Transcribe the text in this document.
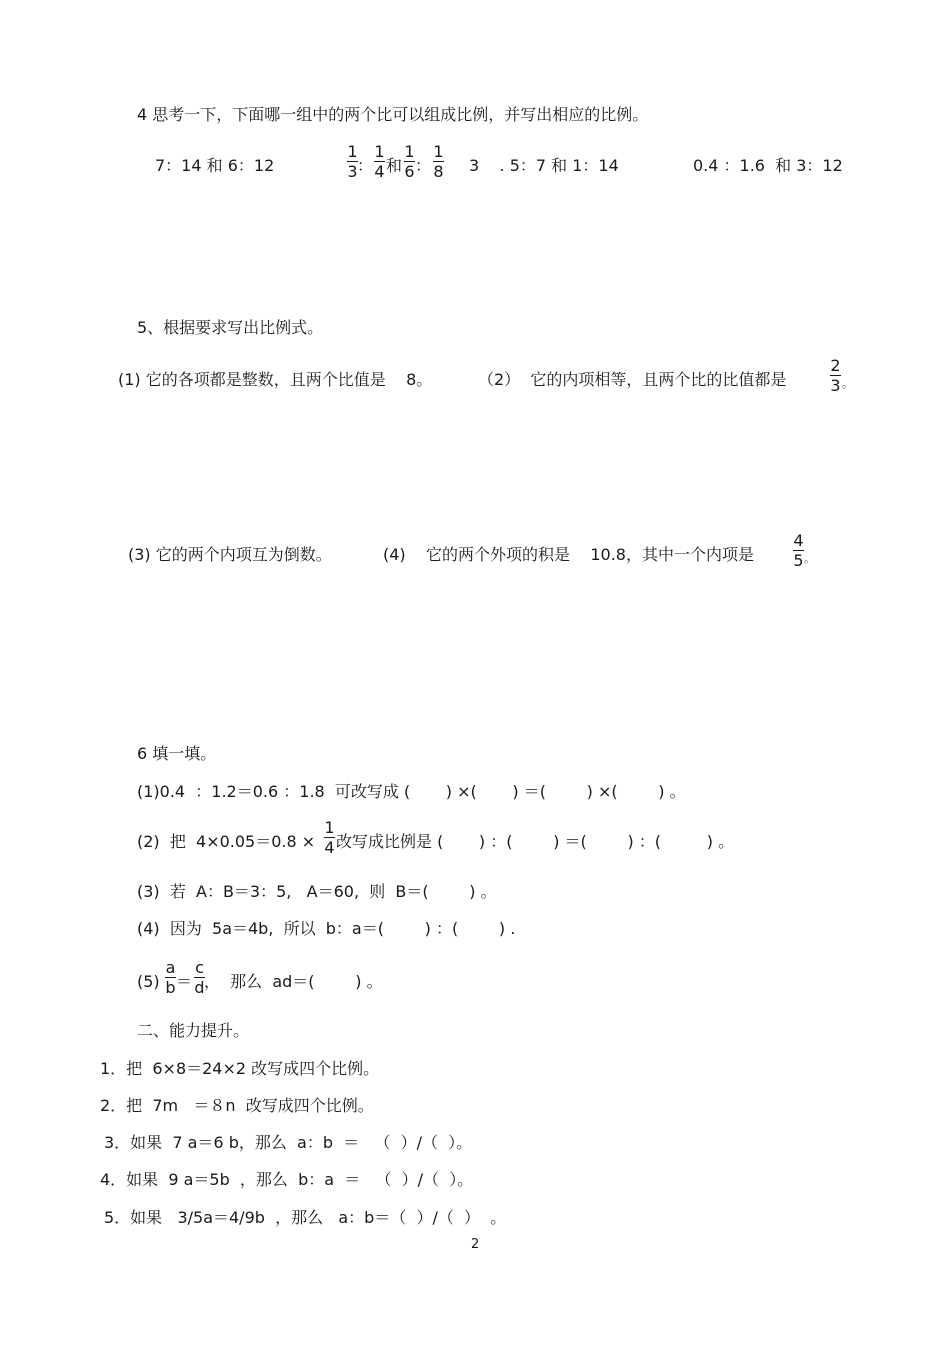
4 思考一下，下面哪一组中的两个比可以组成比例，并写出相应的比例。
7：14 和 6：12
1
3 ：
1
4 和
1
6 ：
1
8 3    . 5：7 和 1：14	0.4 ：1.6  和 3：12
5、根据要求写出比例式。
(1) 它的各项都是整数，且两个比值是    8。	（2）  它的内项相等，且两个比的比值都是
2
3 。
(3) 它的两个内项互为倒数。	(4)    它的两个外项的积是    10.8，其中一个内项是
4
5 。
6 填一填。
(1)0.4  ：1.2＝0.6 ：1.8  可改写成 (       ) ×(       ) ＝(        ) ×(        ) 。
(2)  把  4×0.05＝0.8 ×
1
4 改写成比例是 (       ) ：(        ) ＝(        ) ：(         ) 。
(3)  若  A：B＝3：5,   A＝60,  则  B＝(        ) 。
(4)  因为  5a＝4b,  所以  b：a＝(        ) ：(        ) .
(5)
a
b ＝
c
d ，  那么  ad＝(        ) 。
二、能力提升。
1．把  6×8＝24×2 改写成四个比例。
2．把  7m   ＝８n  改写成四个比例。
3．如果  7 a＝6 b，那么  a：b  ＝   （  ）/（  ）。
4．如果  9 a＝5b  ，那么  b：a  ＝   （  ）/（  ）。
5．如果   3/5a＝4/9b  ，那么   a：b＝（  ）/（  ）  。
2
